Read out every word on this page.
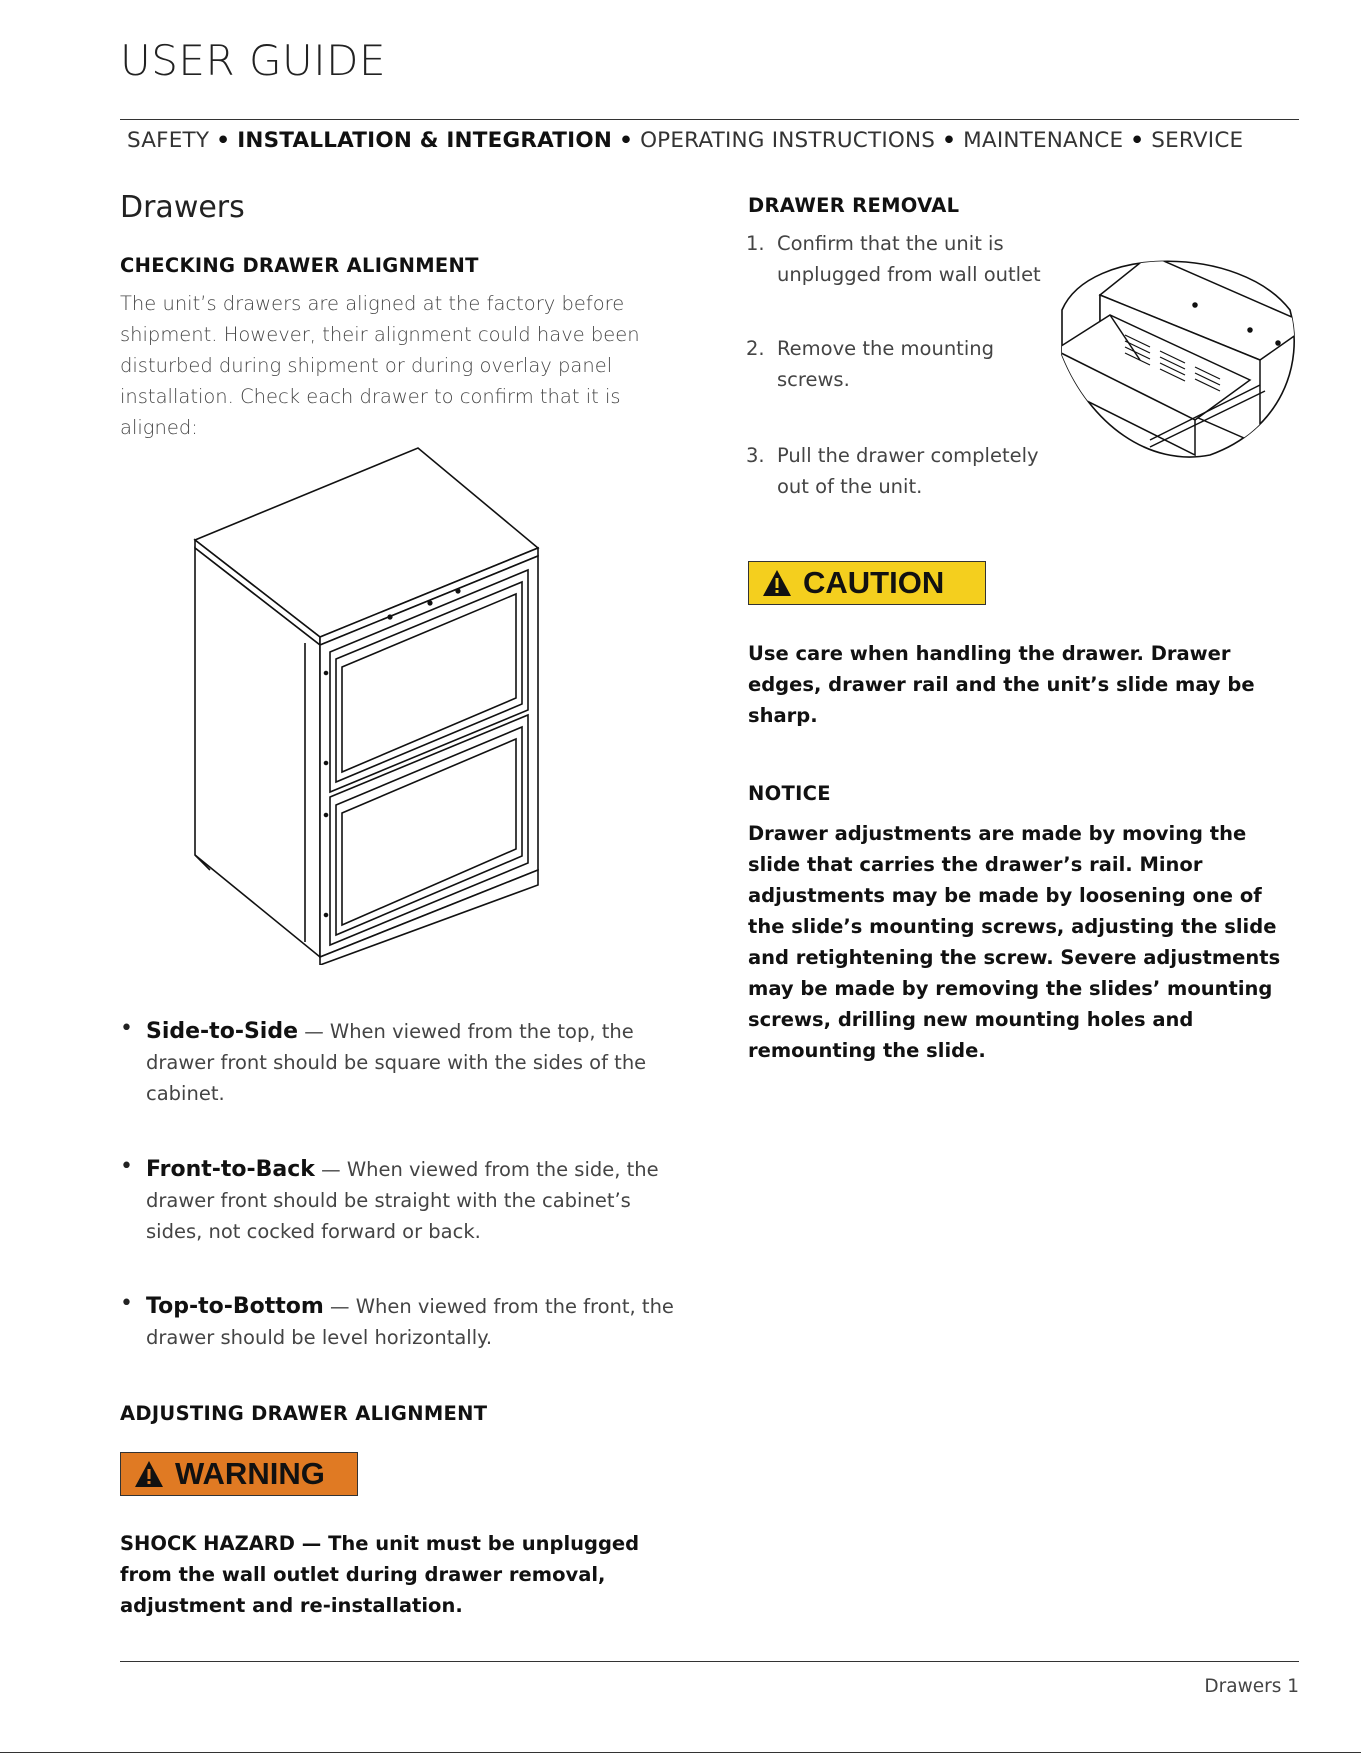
USER GUIDE
SAFETY • INSTALLATION & INTEGRATION • OPERATING INSTRUCTIONS • MAINTENANCE • SERVICE
Drawers
CHECKING DRAWER ALIGNMENT
The unit’s drawers are aligned at the factory before shipment. However, their alignment could have been disturbed during shipment or during overlay panel installation. Check each drawer to confirm that it is aligned:
• Side-to-Side — When viewed from the top, the drawer front should be square with the sides of the cabinet.
• Front-to-Back — When viewed from the side, the drawer front should be straight with the cabinet’s sides, not cocked forward or back.
• Top-to-Bottom — When viewed from the front, the drawer should be level horizontally.
ADJUSTING DRAWER ALIGNMENT
WARNING
SHOCK HAZARD — The unit must be unplugged from the wall outlet during drawer removal, adjustment and re-installation.
DRAWER REMOVAL
1. Confirm that the unit is unplugged from wall outlet
2. Remove the mounting screws.
3. Pull the drawer completely out of the unit.
CAUTION
Use care when handling the drawer. Drawer edges, drawer rail and the unit’s slide may be sharp.
NOTICE
Drawer adjustments are made by moving the slide that carries the drawer’s rail. Minor adjustments may be made by loosening one of the slide’s mounting screws, adjusting the slide and retightening the screw. Severe adjustments may be made by removing the slides’ mounting screws, drilling new mounting holes and remounting the slide.
Drawers 1
